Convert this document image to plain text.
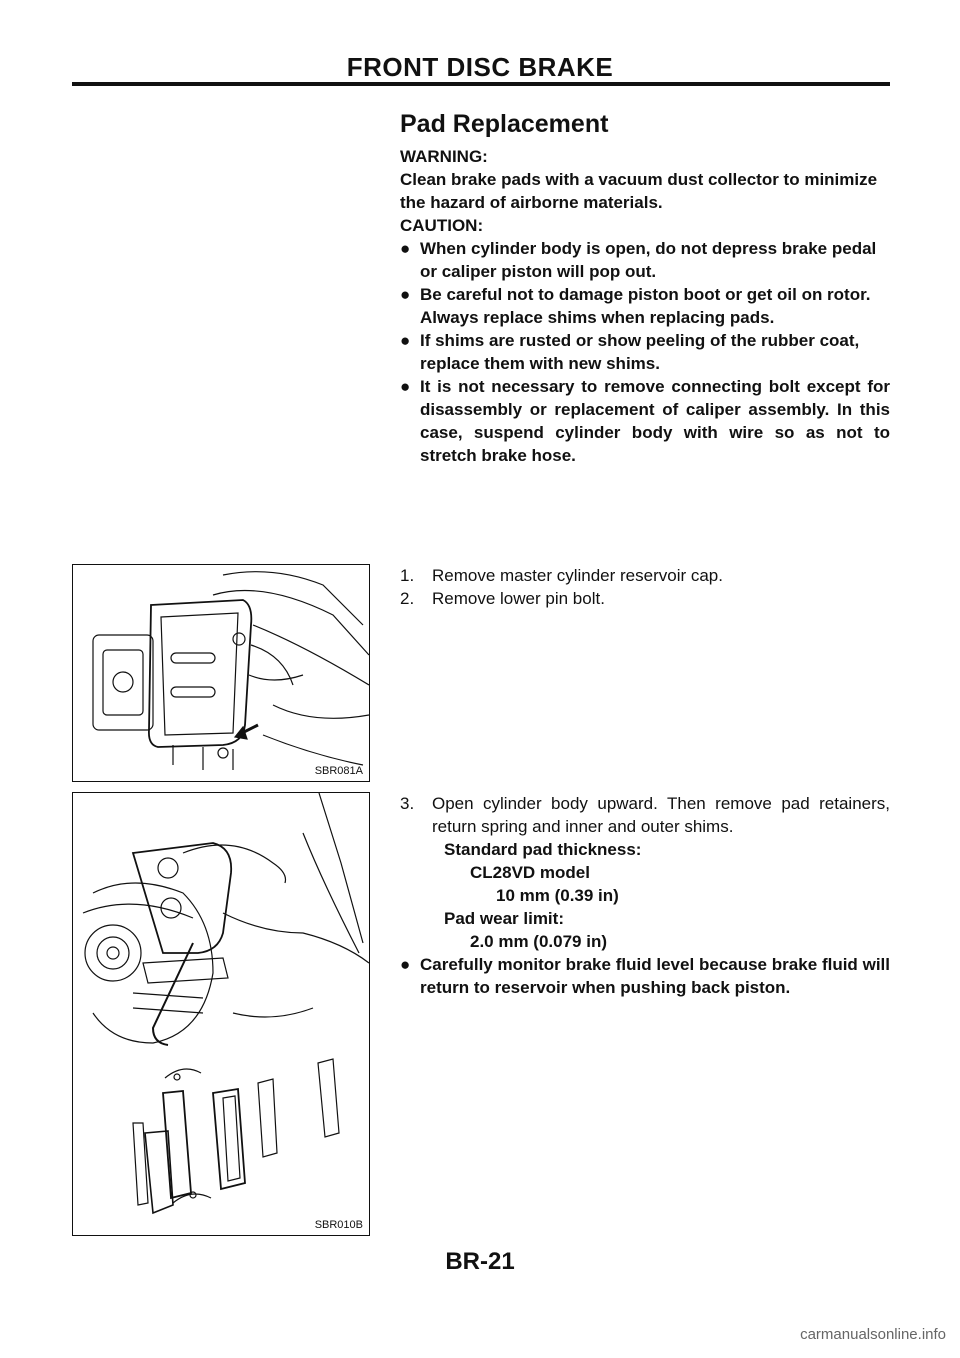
FRONT DISC BRAKE
Pad Replacement
WARNING:
Clean brake pads with a vacuum dust collector to minimize the hazard of airborne materials.
CAUTION:
● When cylinder body is open, do not depress brake pedal or caliper piston will pop out.
● Be careful not to damage piston boot or get oil on rotor. Always replace shims when replacing pads.
● If shims are rusted or show peeling of the rubber coat, replace them with new shims.
● It is not necessary to remove connecting bolt except for disassembly or replacement of caliper assembly. In this case, suspend cylinder body with wire so as not to stretch brake hose.
1. Remove master cylinder reservoir cap.
2. Remove lower pin bolt.
3. Open cylinder body upward. Then remove pad retainers, return spring and inner and outer shims.
Standard pad thickness:
CL28VD model
10 mm (0.39 in)
Pad wear limit:
2.0 mm (0.079 in)
● Carefully monitor brake fluid level because brake fluid will return to reservoir when pushing back piston.
SBR081A
SBR010B
BR-21
carmanualsonline.info
